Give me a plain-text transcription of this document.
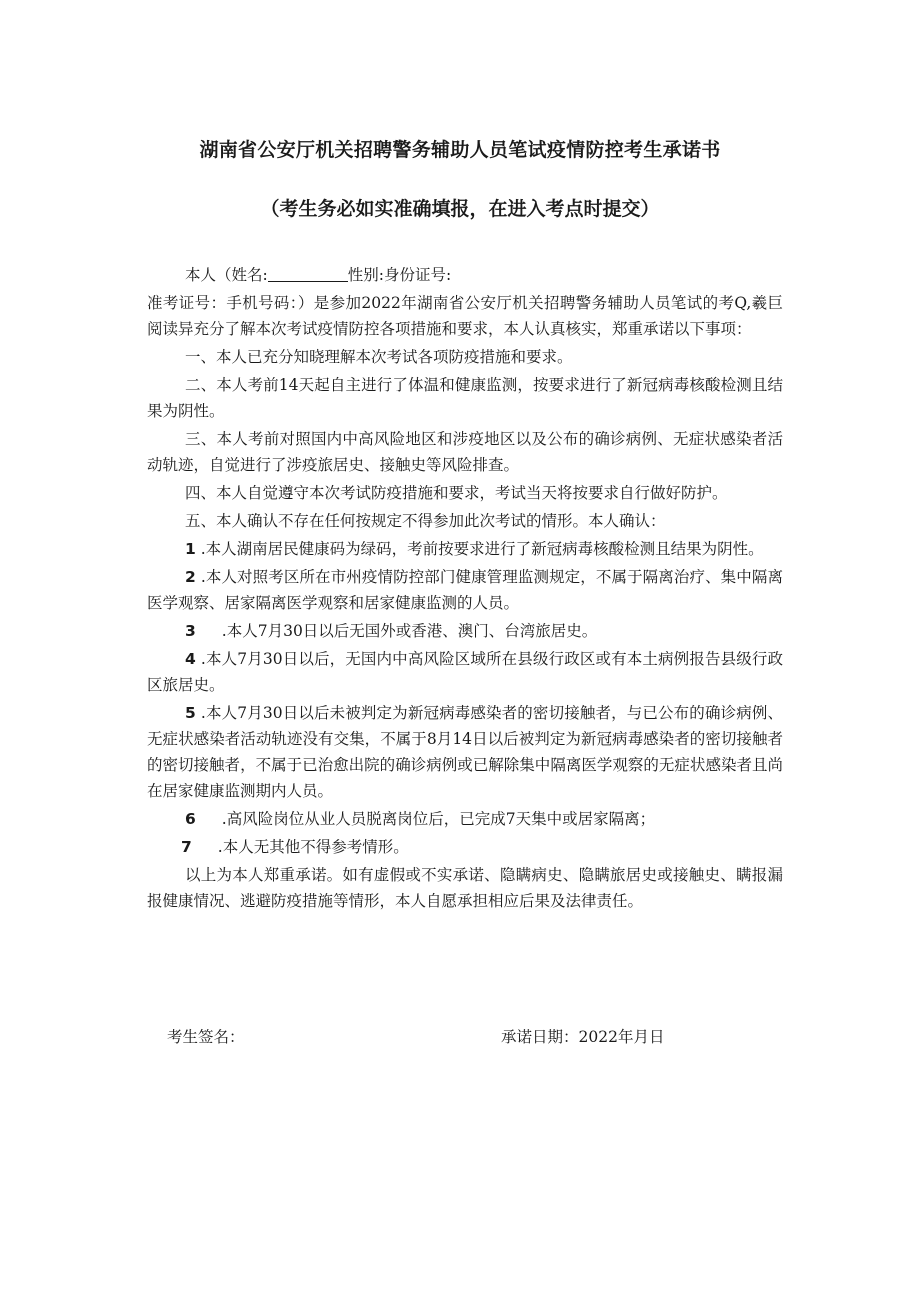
湖南省公安厅机关招聘警务辅助人员笔试疫情防控考生承诺书
（考生务必如实准确填报，在进入考点时提交）

本人（姓名:	性别:身份证号:

准考证号：手机号码：）是参加2022年湖南省公安厅机关招聘警务辅助人员笔试的考Q,羲巨阅读异充分了解本次考试疫情防控各项措施和要求，本人认真核实，郑重承诺以下事项：

一、本人已充分知晓理解本次考试各项防疫措施和要求。

二、本人考前14天起自主进行了体温和健康监测，按要求进行了新冠病毒核酸检测且结果为阴性。

三、本人考前对照国内中高风险地区和涉疫地区以及公布的确诊病例、无症状感染者活动轨迹，自觉进行了涉疫旅居史、接触史等风险排查。

四、本人自觉遵守本次考试防疫措施和要求，考试当天将按要求自行做好防护。

五、本人确认不存在任何按规定不得参加此次考试的情形。本人确认：

1 .本人湖南居民健康码为绿码，考前按要求进行了新冠病毒核酸检测且结果为阴性。

2 .本人对照考区所在市州疫情防控部门健康管理监测规定，不属于隔离治疗、集中隔离医学观察、居家隔离医学观察和居家健康监测的人员。

3 .本人7月30日以后无国外或香港、澳门、台湾旅居史。

4 .本人7月30日以后，无国内中高风险区域所在县级行政区或有本土病例报告县级行政区旅居史。

5 .本人7月30日以后未被判定为新冠病毒感染者的密切接触者，与已公布的确诊病例、无症状感染者活动轨迹没有交集，不属于8月14日以后被判定为新冠病毒感染者的密切接触者的密切接触者，不属于已治愈出院的确诊病例或已解除集中隔离医学观察的无症状感染者且尚在居家健康监测期内人员。

6 .高风险岗位从业人员脱离岗位后，已完成7天集中或居家隔离；

7 .本人无其他不得参考情形。

以上为本人郑重承诺。如有虚假或不实承诺、隐瞒病史、隐瞒旅居史或接触史、瞒报漏报健康情况、逃避防疫措施等情形，本人自愿承担相应后果及法律责任。

考生签名：	承诺日期：2022年月日
